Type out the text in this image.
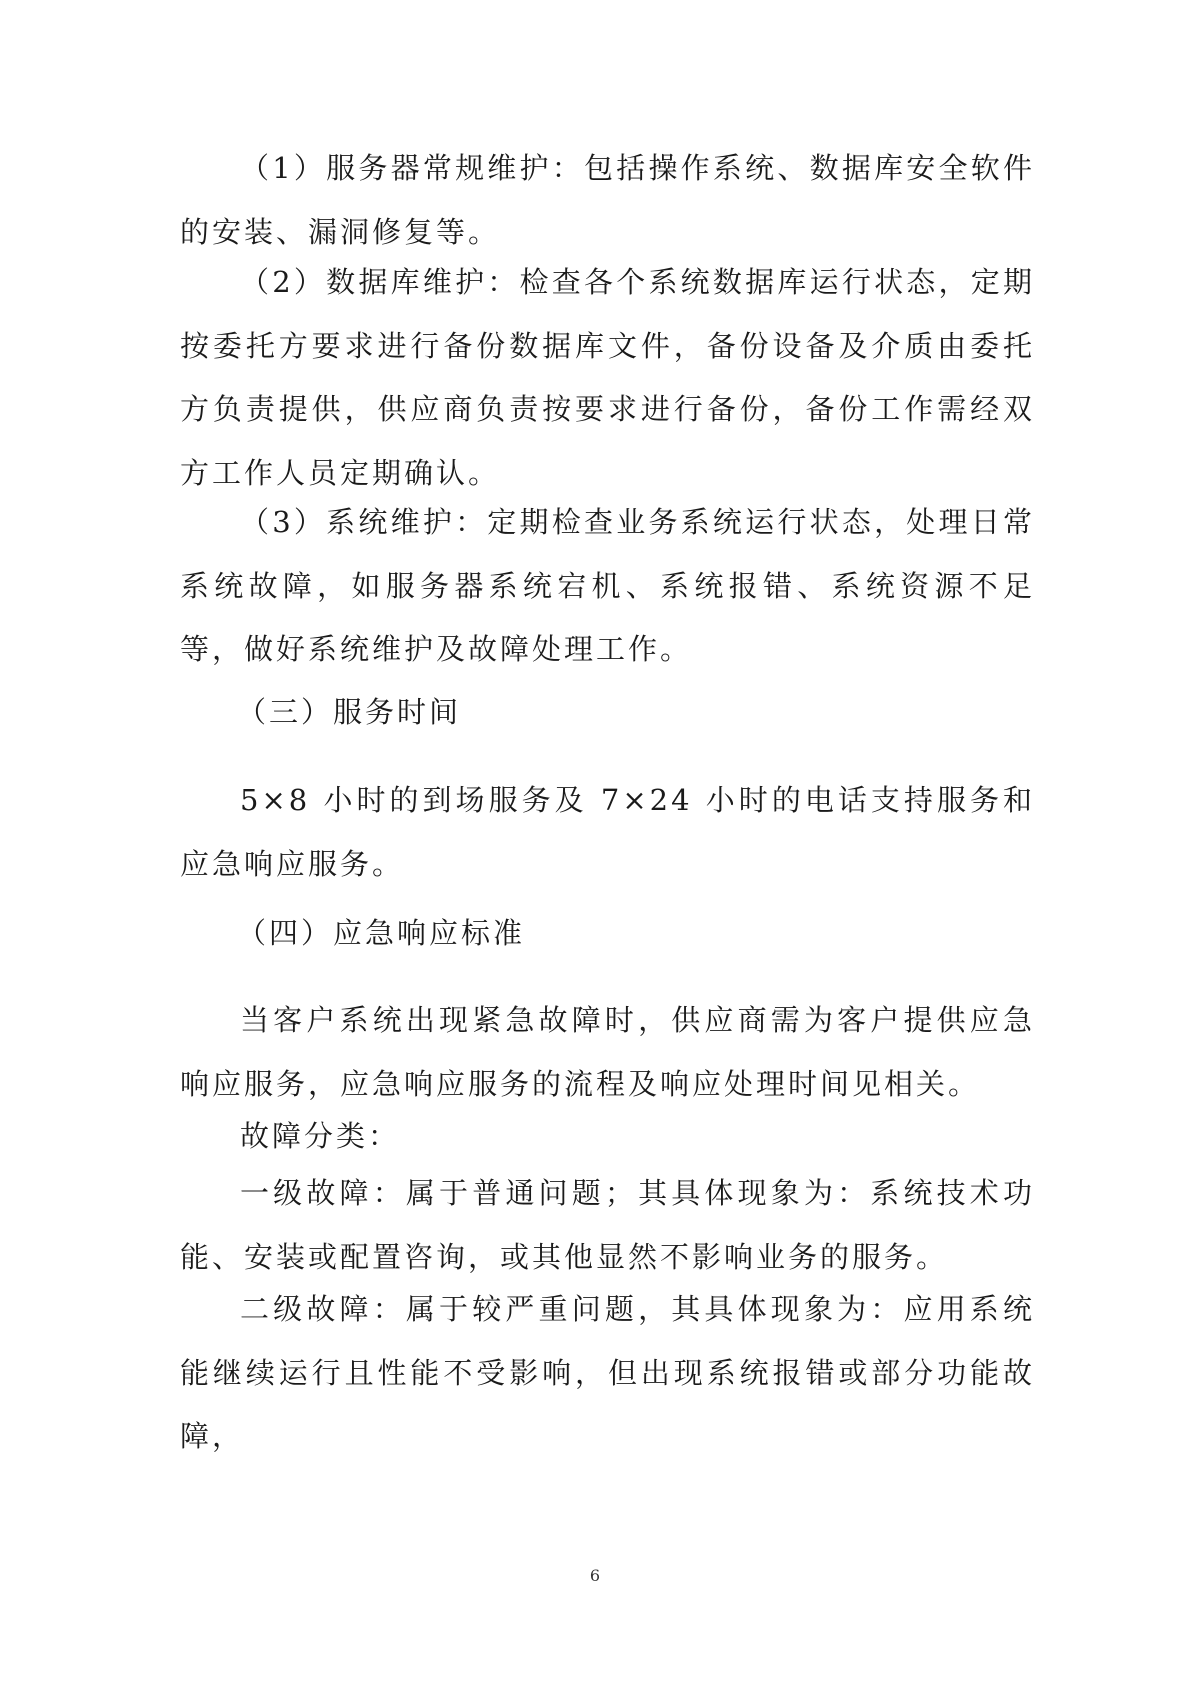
（1）服务器常规维护：包括操作系统、数据库安全软件的安装、漏洞修复等。

（2）数据库维护：检查各个系统数据库运行状态，定期按委托方要求进行备份数据库文件，备份设备及介质由委托方负责提供，供应商负责按要求进行备份，备份工作需经双方工作人员定期确认。

（3）系统维护：定期检查业务系统运行状态，处理日常系统故障，如服务器系统宕机、系统报错、系统资源不足等，做好系统维护及故障处理工作。

（三）服务时间

5×8 小时的到场服务及 7×24 小时的电话支持服务和应急响应服务。

（四）应急响应标准

当客户系统出现紧急故障时，供应商需为客户提供应急响应服务，应急响应服务的流程及响应处理时间见相关。

故障分类：

一级故障：属于普通问题；其具体现象为：系统技术功能、安装或配置咨询，或其他显然不影响业务的服务。

二级故障：属于较严重问题，其具体现象为：应用系统能继续运行且性能不受影响，但出现系统报错或部分功能故障，

6
